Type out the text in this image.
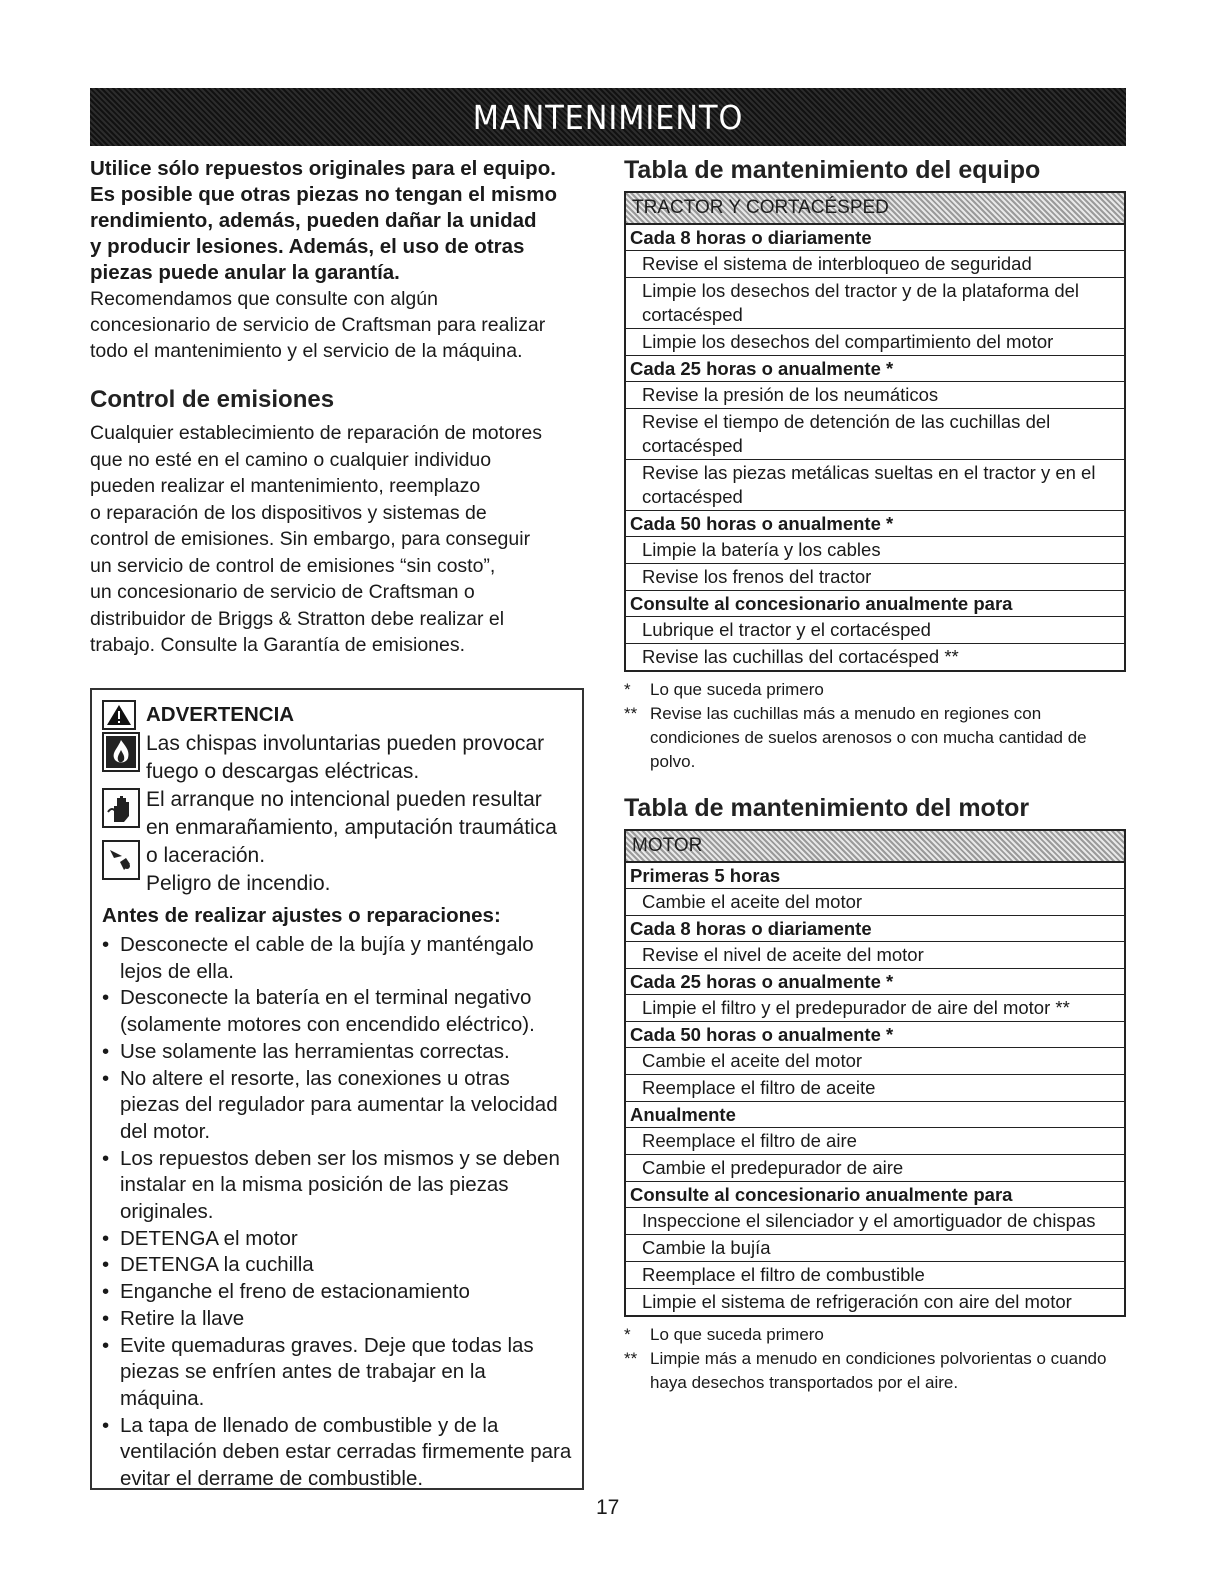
MANTENIMIENTO

Utilice sólo repuestos originales para el equipo.

Es posible que otras piezas no tengan el mismo

rendimiento, además, pueden dañar la unidad

y producir lesiones. Además, el uso de otras

piezas puede anular la garantía.

Recomendamos que consulte con algún

concesionario de servicio de Craftsman para realizar

todo el mantenimiento y el servicio de la máquina.

Control de emisiones

Cualquier establecimiento de reparación de motores

que no esté en el camino o cualquier individuo

pueden realizar el mantenimiento, reemplazo

o reparación de los dispositivos y sistemas de

control de emisiones. Sin embargo, para conseguir

un servicio de control de emisiones “sin costo”,

un concesionario de servicio de Craftsman o

distribuidor de Briggs & Stratton debe realizar el

trabajo. Consulte la Garantía de emisiones.

ADVERTENCIA

Las chispas involuntarias pueden provocar

fuego o descargas eléctricas.

El arranque no intencional pueden resultar

en enmarañamiento, amputación traumática

o laceración.

Peligro de incendio.

Antes de realizar ajustes o reparaciones:
• Desconecte el cable de la bujía y manténgalo lejos de ella.
• Desconecte la batería en el terminal negativo (solamente motores con encendido eléctrico).
• Use solamente las herramientas correctas.
• No altere el resorte, las conexiones u otras piezas del regulador para aumentar la velocidad del motor.
• Los repuestos deben ser los mismos y se deben instalar en la misma posición de las piezas originales.
• DETENGA el motor
• DETENGA la cuchilla
• Enganche el freno de estacionamiento
• Retire la llave
• Evite quemaduras graves. Deje que todas las piezas se enfríen antes de trabajar en la máquina.
• La tapa de llenado de combustible y de la ventilación deben estar cerradas firmemente para evitar el derrame de combustible.
Tabla de mantenimiento del equipo
TRACTOR Y CORTACÉSPED
Cada 8 horas o diariamente
Revise el sistema de interbloqueo de seguridad
Limpie los desechos del tractor y de la plataforma del cortacésped
Limpie los desechos del compartimiento del motor
Cada 25 horas o anualmente *
Revise la presión de los neumáticos
Revise el tiempo de detención de las cuchillas del cortacésped
Revise las piezas metálicas sueltas en el tractor y en el cortacésped
Cada 50 horas o anualmente *
Limpie la batería y los cables
Revise los frenos del tractor
Consulte al concesionario anualmente para
Lubrique el tractor y el cortacésped
Revise las cuchillas del cortacésped **
*	Lo que suceda primero
** Revise las cuchillas más a menudo en regiones con condiciones de suelos arenosos o con mucha cantidad de polvo.
Tabla de mantenimiento del motor
MOTOR
Primeras 5 horas
Cambie el aceite del motor
Cada 8 horas o diariamente
Revise el nivel de aceite del motor
Cada 25 horas o anualmente *
Limpie el filtro y el predepurador de aire del motor **
Cada 50 horas o anualmente *
Cambie el aceite del motor
Reemplace el filtro de aceite
Anualmente
Reemplace el filtro de aire
Cambie el predepurador de aire
Consulte al concesionario anualmente para
Inspeccione el silenciador y el amortiguador de chispas
Cambie la bujía
Reemplace el filtro de combustible
Limpie el sistema de refrigeración con aire del motor
*	Lo que suceda primero
** Limpie más a menudo en condiciones polvorientas o cuando haya desechos transportados por el aire.
17
